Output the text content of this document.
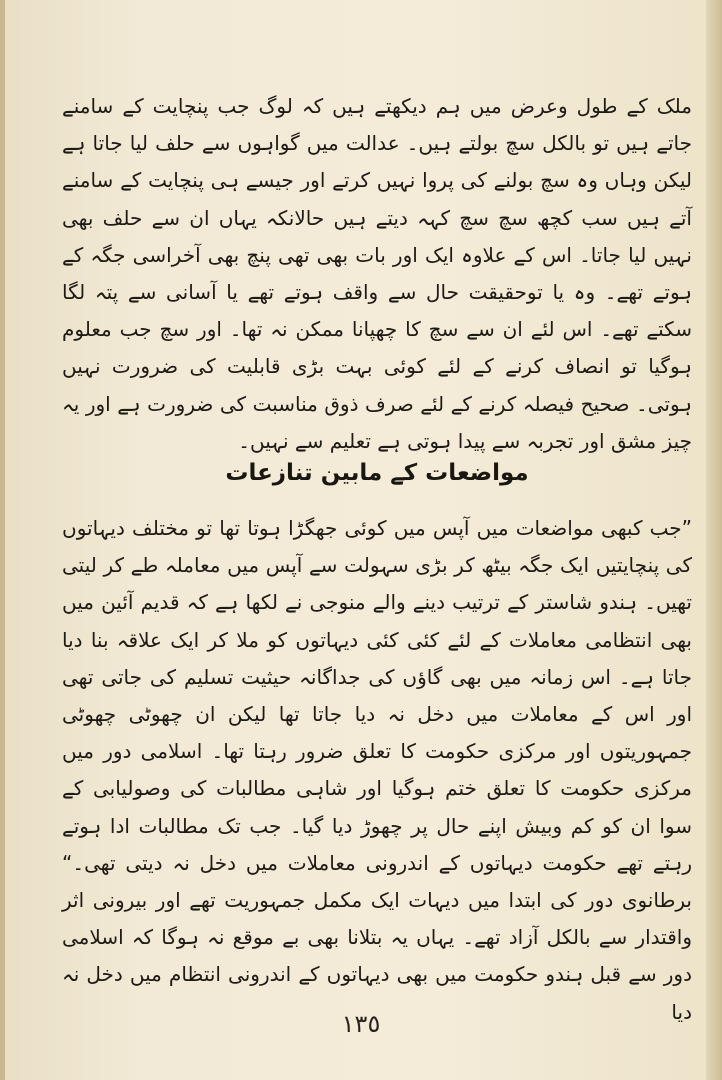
ملک کے طول وعرض میں ہم دیکھتے ہیں کہ لوگ جب پنچایت کے سامنے جاتے ہیں تو بالکل سچ بولتے ہیں۔ عدالت میں گواہوں سے حلف لیا جاتا ہے لیکن وہاں وہ سچ بولنے کی پروا نہیں کرتے اور جیسے ہی پنچایت کے سامنے آتے ہیں سب کچھ سچ سچ کہہ دیتے ہیں حالانکہ یہاں ان سے حلف بھی نہیں لیا جاتا۔ اس کے علاوہ ایک اور بات بھی تھی پنچ بھی آخراسی جگہ کے ہوتے تھے۔ وہ یا توحقیقت حال سے واقف ہوتے تھے یا آسانی سے پتہ لگا سکتے تھے۔ اس لئے ان سے سچ کا چھپانا ممکن نہ تھا۔ اور سچ جب معلوم ہوگیا تو انصاف کرنے کے لئے کوئی بہت بڑی قابلیت کی ضرورت نہیں ہوتی۔ صحیح فیصلہ کرنے کے لئے صرف ذوق مناسبت کی ضرورت ہے اور یہ چیز مشق اور تجربہ سے پیدا ہوتی ہے تعلیم سے نہیں۔
مواضعات کے مابین تنازعات
”جب کبھی مواضعات میں آپس میں کوئی جھگڑا ہوتا تھا تو مختلف دیہاتوں کی پنچایتیں ایک جگہ بیٹھ کر بڑی سہولت سے آپس میں معاملہ طے کر لیتی تھیں۔ ہندو شاستر کے ترتیب دینے والے منوجی نے لکھا ہے کہ قدیم آئین میں بھی انتظامی معاملات کے لئے کئی کئی دیہاتوں کو ملا کر ایک علاقہ بنا دیا جاتا ہے۔ اس زمانہ میں بھی گاؤں کی جداگانہ حیثیت تسلیم کی جاتی تھی اور اس کے معاملات میں دخل نہ دیا جاتا تھا لیکن ان چھوٹی چھوٹی جمہوریتوں اور مرکزی حکومت کا تعلق ضرور رہتا تھا۔ اسلامی دور میں مرکزی حکومت کا تعلق ختم ہوگیا اور شاہی مطالبات کی وصولیابی کے سوا ان کو کم وبیش اپنے حال پر چھوڑ دیا گیا۔ جب تک مطالبات ادا ہوتے رہتے تھے حکومت دیہاتوں کے اندرونی معاملات میں دخل نہ دیتی تھی۔“ برطانوی دور کی ابتدا میں دیہات ایک مکمل جمہوریت تھے اور بیرونی اثر واقتدار سے بالکل آزاد تھے۔ یہاں یہ بتلانا بھی بے موقع نہ ہوگا کہ اسلامی دور سے قبل ہندو حکومت میں بھی دیہاتوں کے اندرونی انتظام میں دخل نہ دیا
١٣٥
